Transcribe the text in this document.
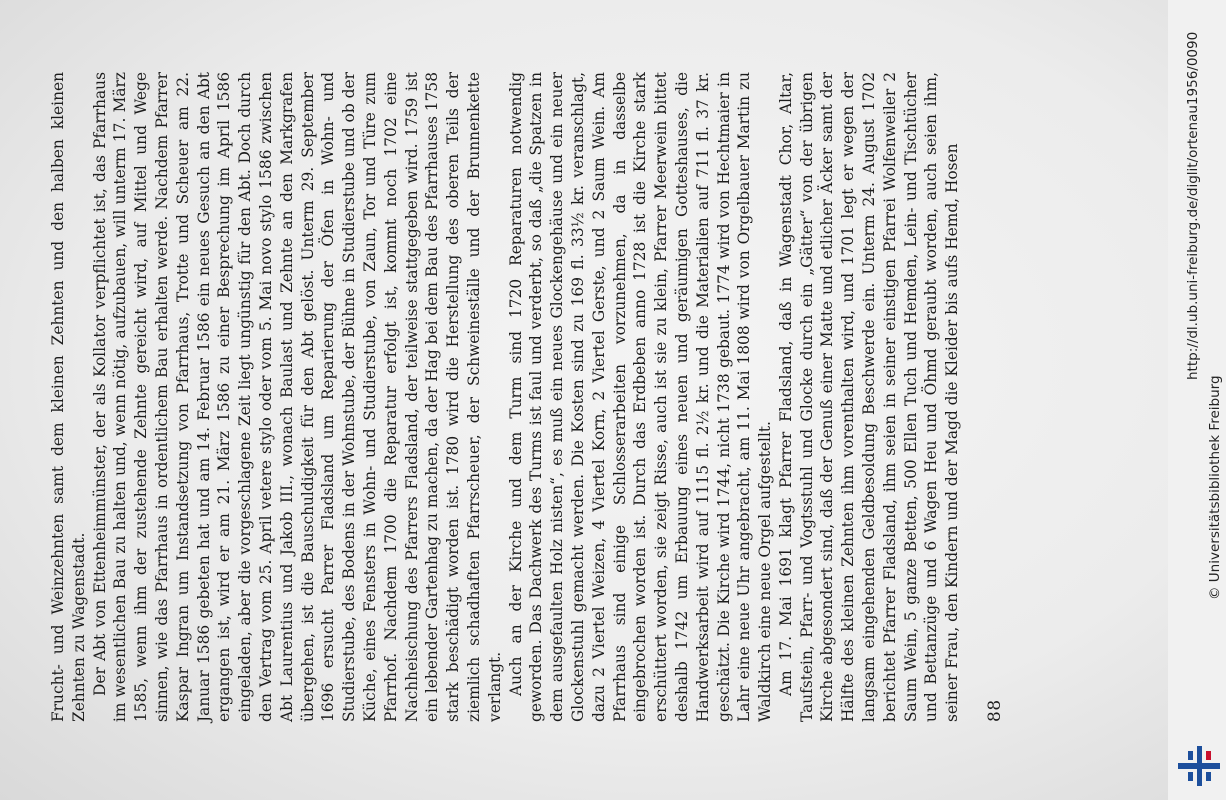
Frucht- und Weinzehnten samt dem kleinen Zehnten und den halben kleinen Zehnten zu Wagenstadt. Der Abt von Ettenheimmünster, der als Kollator verpflichtet ist, das Pfarrhaus im wesentlichen Bau zu halten und, wenn nötig, aufzubauen, will unterm 17. März 1585, wenn ihm der zustehende Zehnte gereicht wird, auf Mittel und Wege sinnen, wie das Pfarrhaus in ordentlichem Bau erhalten werde. Nachdem Pfarrer Kaspar Ingran um Instandsetzung von Pfarrhaus, Trotte und Scheuer am 22. Januar 1586 gebeten hat und am 14. Februar 1586 ein neues Gesuch an den Abt ergangen ist, wird er am 21. März 1586 zu einer Besprechung im April 1586 eingeladen, aber die vorgeschlagene Zeit liegt ungünstig für den Abt. Doch durch den Vertrag vom 25. April vetere stylo oder vom 5. Mai novo stylo 1586 zwischen Abt Laurentius und Jakob III., wonach Baulast und Zehnte an den Markgrafen übergehen, ist die Bauschuldigkeit für den Abt gelöst. Unterm 29. September 1696 ersucht Parrer Fladsland um Reparierung der Öfen in Wohn- und Studierstube, des Bodens in der Wohnstube, der Bühne in Studierstube und ob der Küche, eines Fensters in Wohn- und Studierstube, von Zaun, Tor und Türe zum Pfarrhof. Nachdem 1700 die Reparatur erfolgt ist, kommt noch 1702 eine Nachheischung des Pfarrers Fladsland, der teilweise stattgegeben wird. 1759 ist ein lebender Gartenhag zu machen, da der Hag bei dem Bau des Pfarrhauses 1758 stark beschädigt worden ist. 1780 wird die Herstellung des oberen Teils der ziemlich schadhaften Pfarrscheuer, der Schweineställe und der Brunnenkette verlangt. Auch an der Kirche und dem Turm sind 1720 Reparaturen notwendig geworden. Das Dachwerk des Turms ist faul und verderbt, so daß „die Spatzen in dem ausgefaulten Holz nisten“, es muß ein neues Glockengehäuse und ein neuer Glockenstuhl gemacht werden. Die Kosten sind zu 169 fl. 33½ kr. veranschlagt, dazu 2 Viertel Weizen, 4 Viertel Korn, 2 Viertel Gerste, und 2 Saum Wein. Am Pfarrhaus sind einige Schlosserarbeiten vorzunehmen, da in dasselbe eingebrochen worden ist. Durch das Erdbeben anno 1728 ist die Kirche stark erschüttert worden, sie zeigt Risse, auch ist sie zu klein, Pfarrer Meerwein bittet deshalb 1742 um Erbauung eines neuen und geräumigen Gotteshauses, die Handwerksarbeit wird auf 1115 fl. 2½ kr. und die Materialien auf 711 fl. 37 kr. geschätzt. Die Kirche wird 1744, nicht 1738 gebaut. 1774 wird von Hechtmaier in Lahr eine neue Uhr angebracht, am 11. Mai 1808 wird von Orgelbauer Martin zu Waldkirch eine neue Orgel aufgestellt. Am 17. Mai 1691 klagt Pfarrer Fladsland, daß in Wagenstadt Chor, Altar, Taufstein, Pfarr- und Vogtsstuhl und Glocke durch ein „Gätter“ von der übrigen Kirche abgesondert sind, daß der Genuß einer Matte und etlicher Äcker samt der Hälfte des kleinen Zehnten ihm vorenthalten wird, und 1701 legt er wegen der langsam eingehenden Geldbesoldung Beschwerde ein. Unterm 24. August 1702 berichtet Pfarrer Fladsland, ihm seien in seiner einstigen Pfarrei Wolfenweiler 2 Saum Wein, 5 ganze Betten, 500 Ellen Tuch und Hemden, Lein- und Tischtücher und Bettanzüge und 6 Wagen Heu und Öhmd geraubt worden, auch seien ihm, seiner Frau, den Kindern und der Magd die Kleider bis aufs Hemd, Hosen 88
http://dl.ub.uni-freiburg.de/diglit/ortenau1956/0090
© Universitätsbibliothek Freiburg
